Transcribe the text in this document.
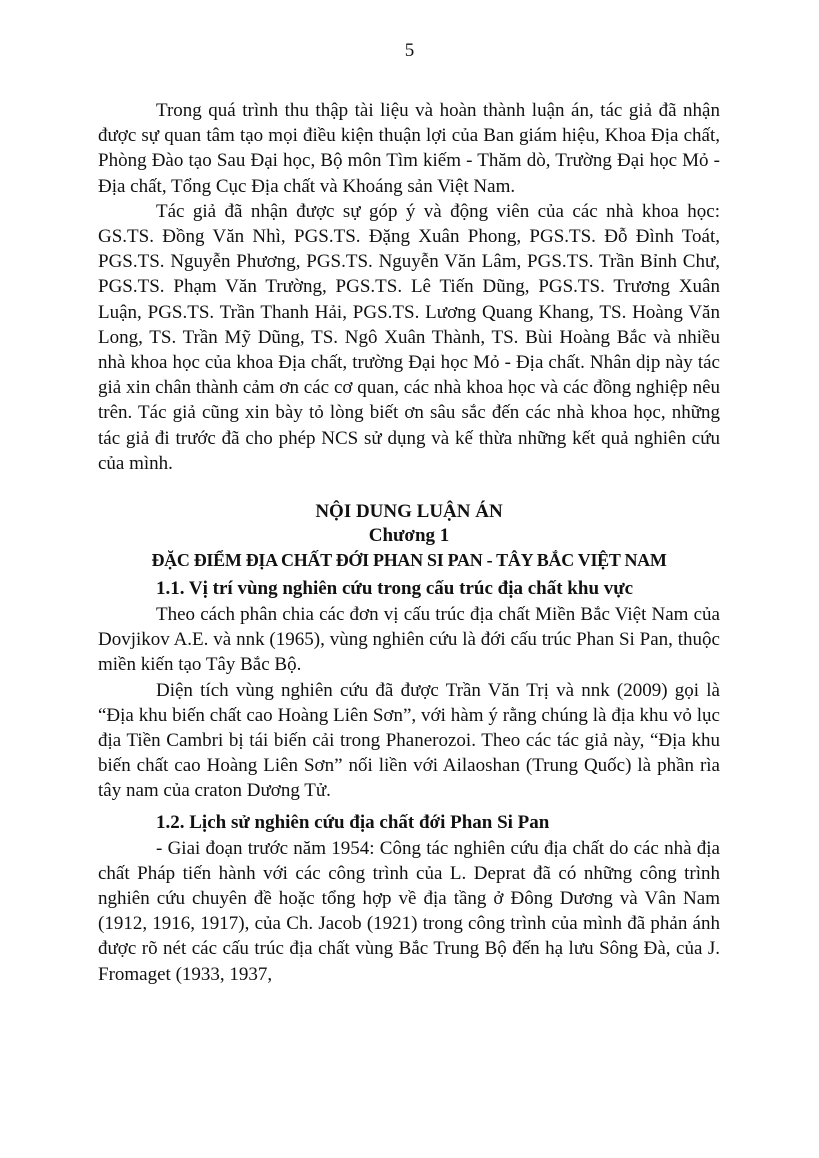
5

Trong quá trình thu thập tài liệu và hoàn thành luận án, tác giả đã nhận được sự quan tâm tạo mọi điều kiện thuận lợi của Ban giám hiệu, Khoa Địa chất, Phòng Đào tạo Sau Đại học, Bộ môn Tìm kiếm - Thăm dò, Trường Đại học Mỏ - Địa chất, Tổng Cục Địa chất và Khoáng sản Việt Nam.

Tác giả đã nhận được sự góp ý và động viên của các nhà khoa học: GS.TS. Đồng Văn Nhì, PGS.TS. Đặng Xuân Phong, PGS.TS. Đỗ Đình Toát, PGS.TS. Nguyễn Phương, PGS.TS. Nguyễn Văn Lâm, PGS.TS. Trần Bỉnh Chư, PGS.TS. Phạm Văn Trường, PGS.TS. Lê Tiến Dũng, PGS.TS. Trương Xuân Luận, PGS.TS. Trần Thanh Hải, PGS.TS. Lương Quang Khang, TS. Hoàng Văn Long, TS. Trần Mỹ Dũng, TS. Ngô Xuân Thành, TS. Bùi Hoàng Bắc và nhiều nhà khoa học của khoa Địa chất, trường Đại học Mỏ - Địa chất. Nhân dịp này tác giả xin chân thành cảm ơn các cơ quan, các nhà khoa học và các đồng nghiệp nêu trên. Tác giả cũng xin bày tỏ lòng biết ơn sâu sắc đến các nhà khoa học, những tác giả đi trước đã cho phép NCS sử dụng và kế thừa những kết quả nghiên cứu của mình.

NỘI DUNG LUẬN ÁN
Chương 1
ĐẶC ĐIỂM ĐỊA CHẤT ĐỚI PHAN SI PAN - TÂY BẮC VIỆT NAM
1.1. Vị trí vùng nghiên cứu trong cấu trúc địa chất khu vực

Theo cách phân chia các đơn vị cấu trúc địa chất Miền Bắc Việt Nam của Dovjikov A.E. và nnk (1965), vùng nghiên cứu là đới cấu trúc Phan Si Pan, thuộc miền kiến tạo Tây Bắc Bộ.

Diện tích vùng nghiên cứu đã được Trần Văn Trị và nnk (2009) gọi là “Địa khu biến chất cao Hoàng Liên Sơn”, với hàm ý rằng chúng là địa khu vỏ lục địa Tiền Cambri bị tái biến cải trong Phanerozoi. Theo các tác giả này, “Địa khu biến chất cao Hoàng Liên Sơn” nối liền với Ailaoshan (Trung Quốc) là phần rìa tây nam của craton Dương Tử.

1.2. Lịch sử nghiên cứu địa chất đới Phan Si Pan

- Giai đoạn trước năm 1954: Công tác nghiên cứu địa chất do các nhà địa chất Pháp tiến hành với các công trình của L. Deprat đã có những công trình nghiên cứu chuyên đề hoặc tổng hợp về địa tầng ở Đông Dương và Vân Nam (1912, 1916, 1917), của Ch. Jacob (1921) trong công trình của mình đã phản ánh được rõ nét các cấu trúc địa chất vùng Bắc Trung Bộ đến hạ lưu Sông Đà, của J. Fromaget (1933, 1937,
